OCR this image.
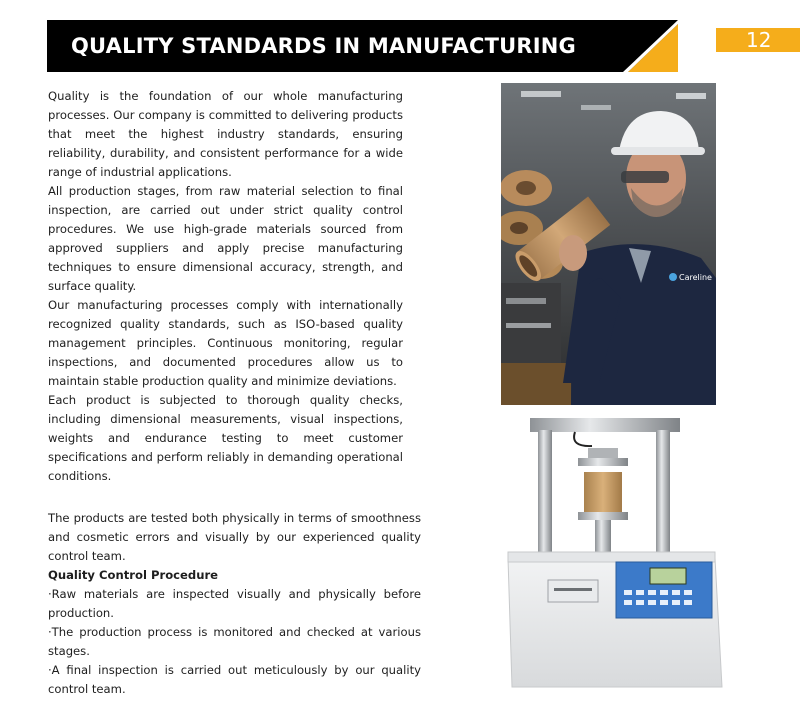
QUALITY STANDARDS IN MANUFACTURING	12

Quality is the foundation of our whole manufacturing processes. Our company is committed to delivering products that meet the highest industry standards, ensuring reliability, durability, and consistent performance for a wide range of industrial applications.

All production stages, from raw material selection to final inspection, are carried out under strict quality control procedures. We use high-grade materials sourced from approved suppliers and apply precise manufacturing techniques to ensure dimensional accuracy, strength, and surface quality.

Our manufacturing processes comply with internationally recognized quality standards, such as ISO-based quality management principles. Continuous monitoring, regular inspections, and documented procedures allow us to maintain stable production quality and minimize deviations.

Each product is subjected to thorough quality checks, including dimensional measurements, visual inspections, weights and endurance testing to meet customer specifications and perform reliably in demanding operational conditions.

The products are tested both physically in terms of smoothness and cosmetic errors and visually by our experienced quality control team.

Quality Control Procedure

·Raw materials are inspected visually and physically before production.

·The production process is monitored and checked at various stages.

·A final inspection is carried out meticulously by our quality control team.

Careline
